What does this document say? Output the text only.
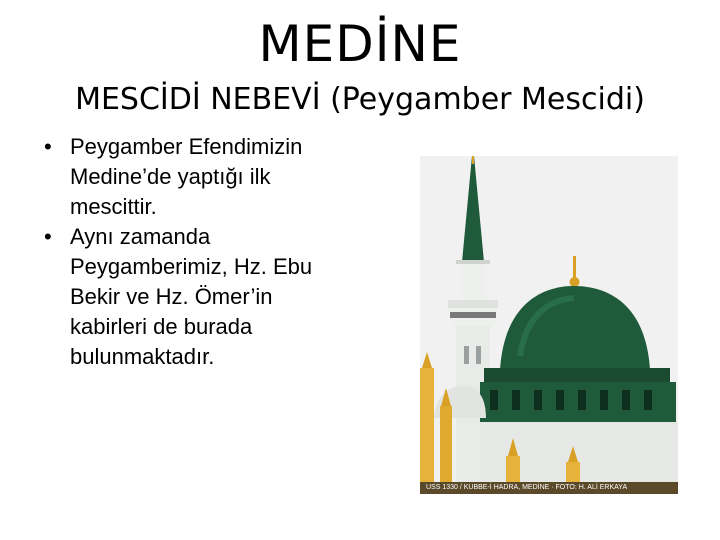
MEDİNE
MESCİDİ NEBEVİ (Peygamber Mescidi)
• Peygamber Efendimizin Medine’de yaptığı ilk mescittir.
• Aynı zamanda Peygamberimiz, Hz. Ebu Bekir ve Hz. Ömer’in kabirleri de burada bulunmaktadır.
USS 1330 / KUBBE-İ HADRA, MEDİNE · FOTO: H. ALİ ERKAYA
